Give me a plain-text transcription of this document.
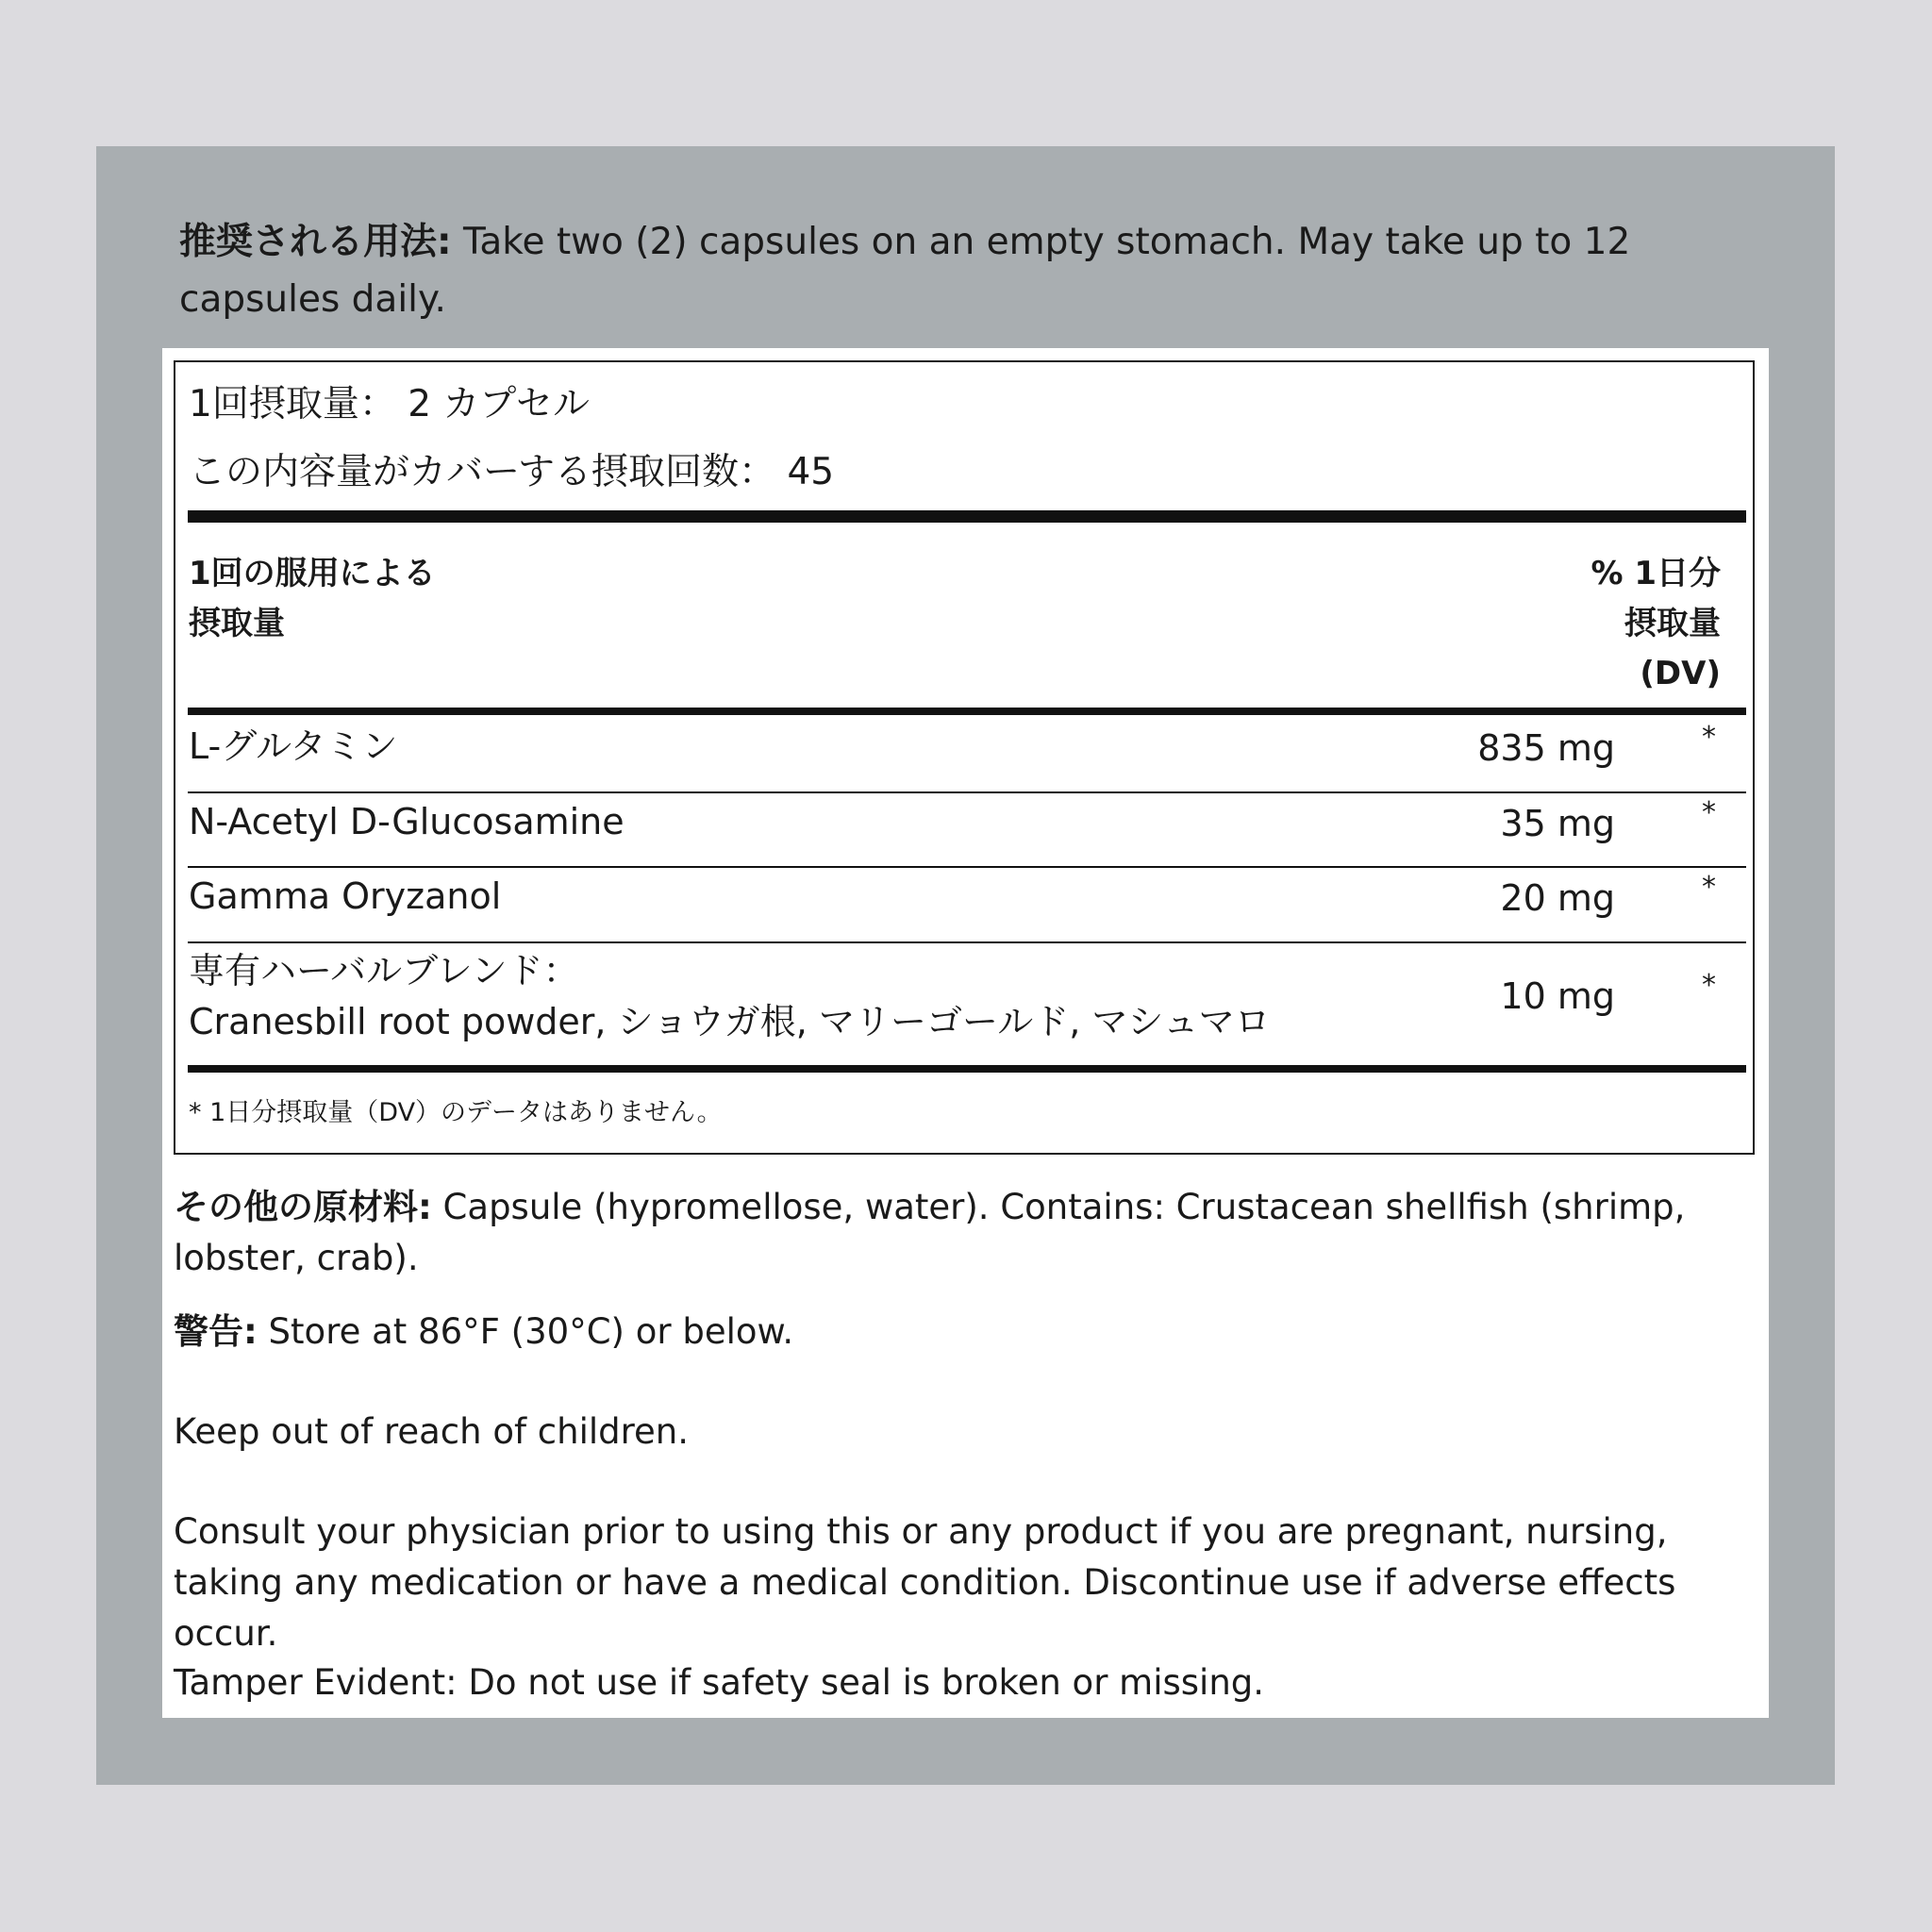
推奨される用法: Take two (2) capsules on an empty stomach. May take up to 12 capsules daily.
1回摂取量： 2 カプセル
この内容量がカバーする摂取回数： 45
1回の服用による
摂取量
% 1日分
摂取量
(DV)
L-グルタミン	835 mg	*
N-Acetyl D-Glucosamine	35 mg	*
Gamma Oryzanol	20 mg	*
専有ハーバルブレンド：
Cranesbill root powder, ショウガ根, マリーゴールド, マシュマロ
10 mg	*
* 1日分摂取量（DV）のデータはありません。
その他の原材料: Capsule (hypromellose, water). Contains: Crustacean shellfish (shrimp, lobster, crab).
警告: Store at 86°F (30°C) or below.
Keep out of reach of children.
Consult your physician prior to using this or any product if you are pregnant, nursing, taking any medication or have a medical condition. Discontinue use if adverse effects occur.
Tamper Evident: Do not use if safety seal is broken or missing.
